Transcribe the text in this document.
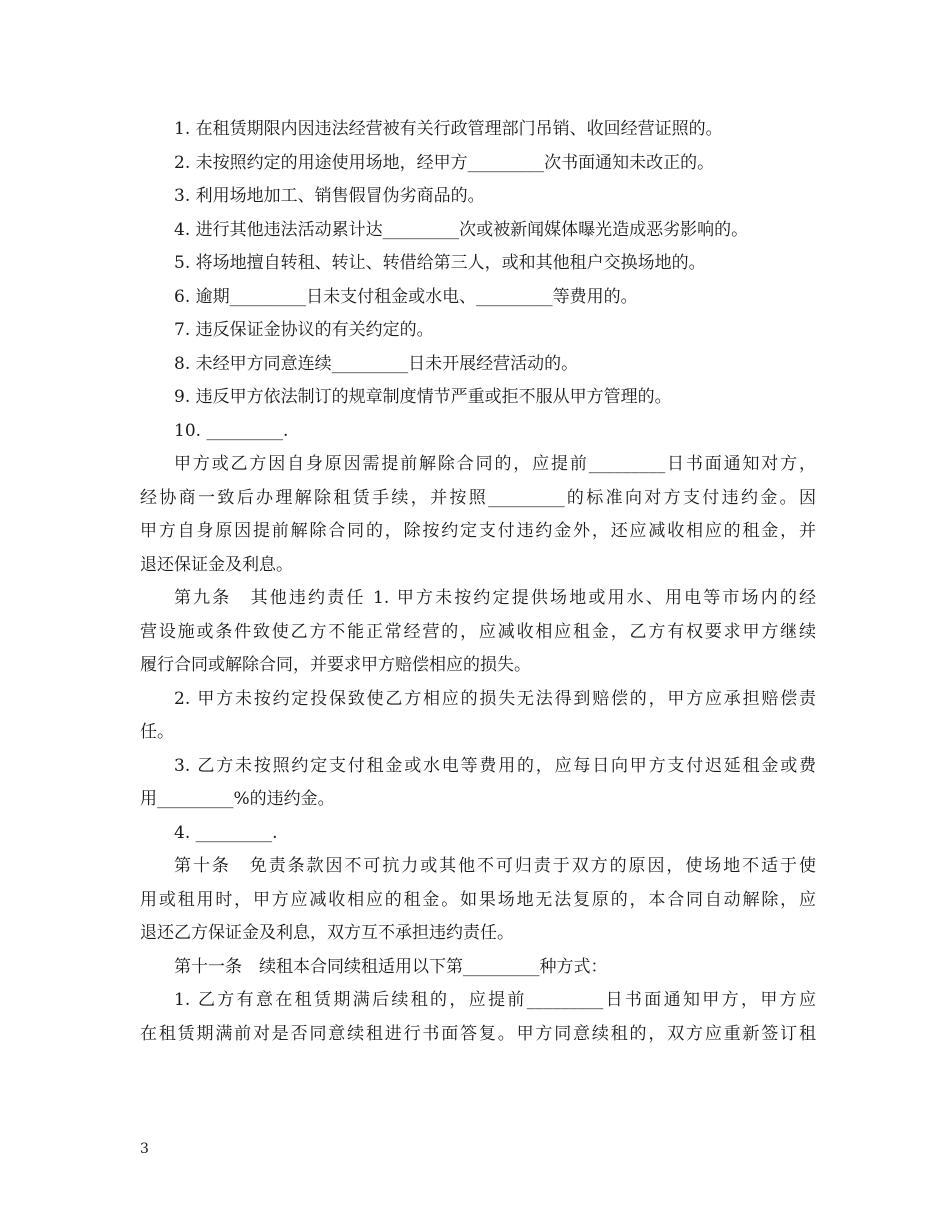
1. 在租赁期限内因违法经营被有关行政管理部门吊销、收回经营证照的。
2. 未按照约定的用途使用场地，经甲方_________次书面通知未改正的。
3. 利用场地加工、销售假冒伪劣商品的。
4. 进行其他违法活动累计达_________次或被新闻媒体曝光造成恶劣影响的。
5. 将场地擅自转租、转让、转借给第三人，或和其他租户交换场地的。
6. 逾期_________日未支付租金或水电、_________等费用的。
7. 违反保证金协议的有关约定的。
8. 未经甲方同意连续_________日未开展经营活动的。
9. 违反甲方依法制订的规章制度情节严重或拒不服从甲方管理的。
10. _________.
甲方或乙方因自身原因需提前解除合同的，应提前_________日书面通知对方，
经协商一致后办理解除租赁手续，并按照_________的标准向对方支付违约金。因
甲方自身原因提前解除合同的，除按约定支付违约金外，还应减收相应的租金，并
退还保证金及利息。
第九条　其他违约责任 1. 甲方未按约定提供场地或用水、用电等市场内的经
营设施或条件致使乙方不能正常经营的，应减收相应租金，乙方有权要求甲方继续
履行合同或解除合同，并要求甲方赔偿相应的损失。
2. 甲方未按约定投保致使乙方相应的损失无法得到赔偿的，甲方应承担赔偿责
任。
3. 乙方未按照约定支付租金或水电等费用的，应每日向甲方支付迟延租金或费
用_________%的违约金。
4. _________.
第十条　免责条款因不可抗力或其他不可归责于双方的原因，使场地不适于使
用或租用时，甲方应减收相应的租金。如果场地无法复原的，本合同自动解除，应
退还乙方保证金及利息，双方互不承担违约责任。
第十一条　续租本合同续租适用以下第_________种方式：
1. 乙方有意在租赁期满后续租的，应提前_________日书面通知甲方，甲方应
在租赁期满前对是否同意续租进行书面答复。甲方同意续租的，双方应重新签订租
3
